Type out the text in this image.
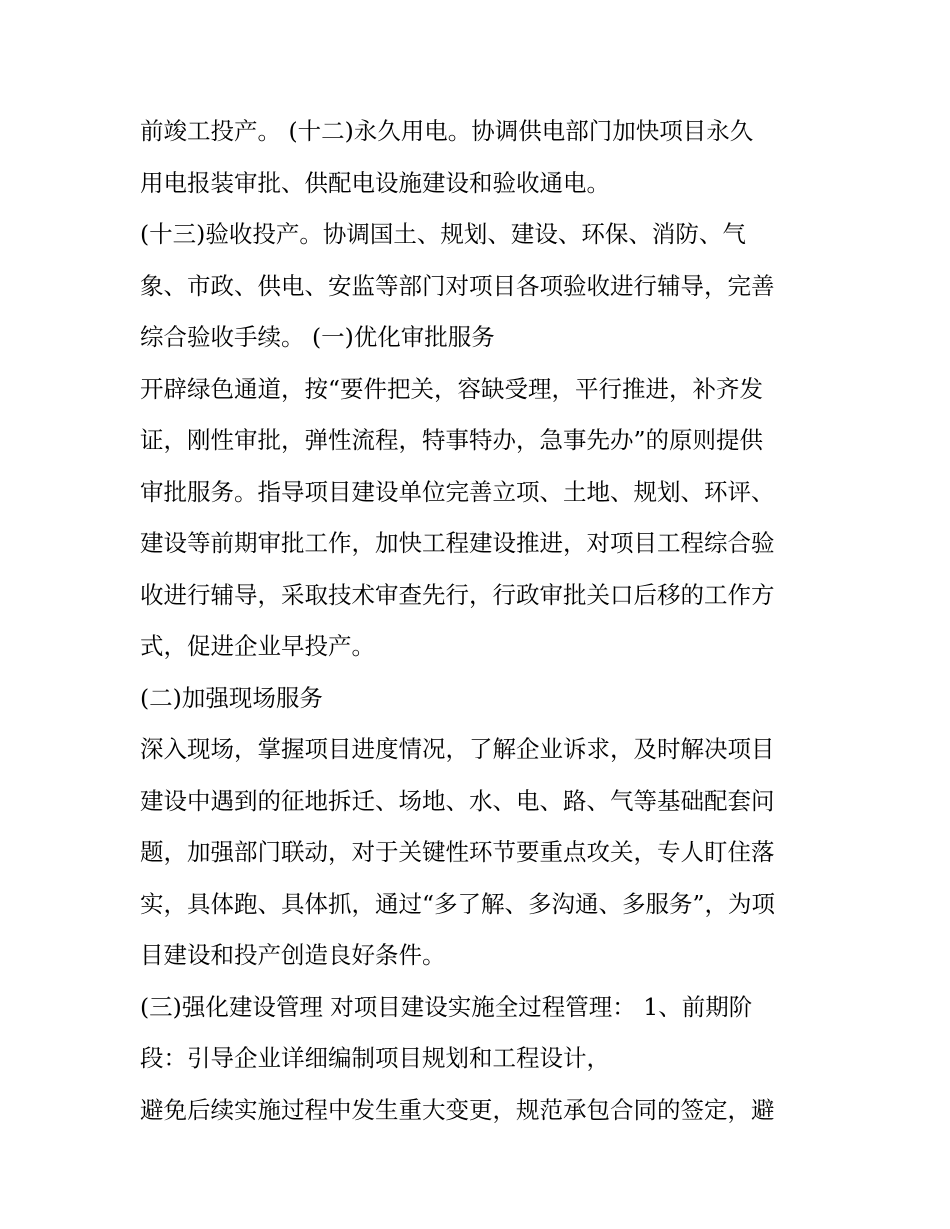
前竣工投产。 (十二)永久用电。协调供电部门加快项目永久
用电报装审批、供配电设施建设和验收通电。
(十三)验收投产。协调国土、规划、建设、环保、消防、气
象、市政、供电、安监等部门对项目各项验收进行辅导，完善
综合验收手续。 (一)优化审批服务
开辟绿色通道，按“要件把关，容缺受理，平行推进，补齐发
证，刚性审批，弹性流程，特事特办，急事先办”的原则提供
审批服务。指导项目建设单位完善立项、土地、规划、环评、
建设等前期审批工作，加快工程建设推进，对项目工程综合验
收进行辅导，采取技术审查先行，行政审批关口后移的工作方
式，促进企业早投产。
(二)加强现场服务
深入现场，掌握项目进度情况，了解企业诉求，及时解决项目
建设中遇到的征地拆迁、场地、水、电、路、气等基础配套问
题，加强部门联动，对于关键性环节要重点攻关，专人盯住落
实，具体跑、具体抓，通过“多了解、多沟通、多服务”，为项
目建设和投产创造良好条件。
(三)强化建设管理 对项目建设实施全过程管理： 1、前期阶
段：引导企业详细编制项目规划和工程设计，
避免后续实施过程中发生重大变更，规范承包合同的签定，避
